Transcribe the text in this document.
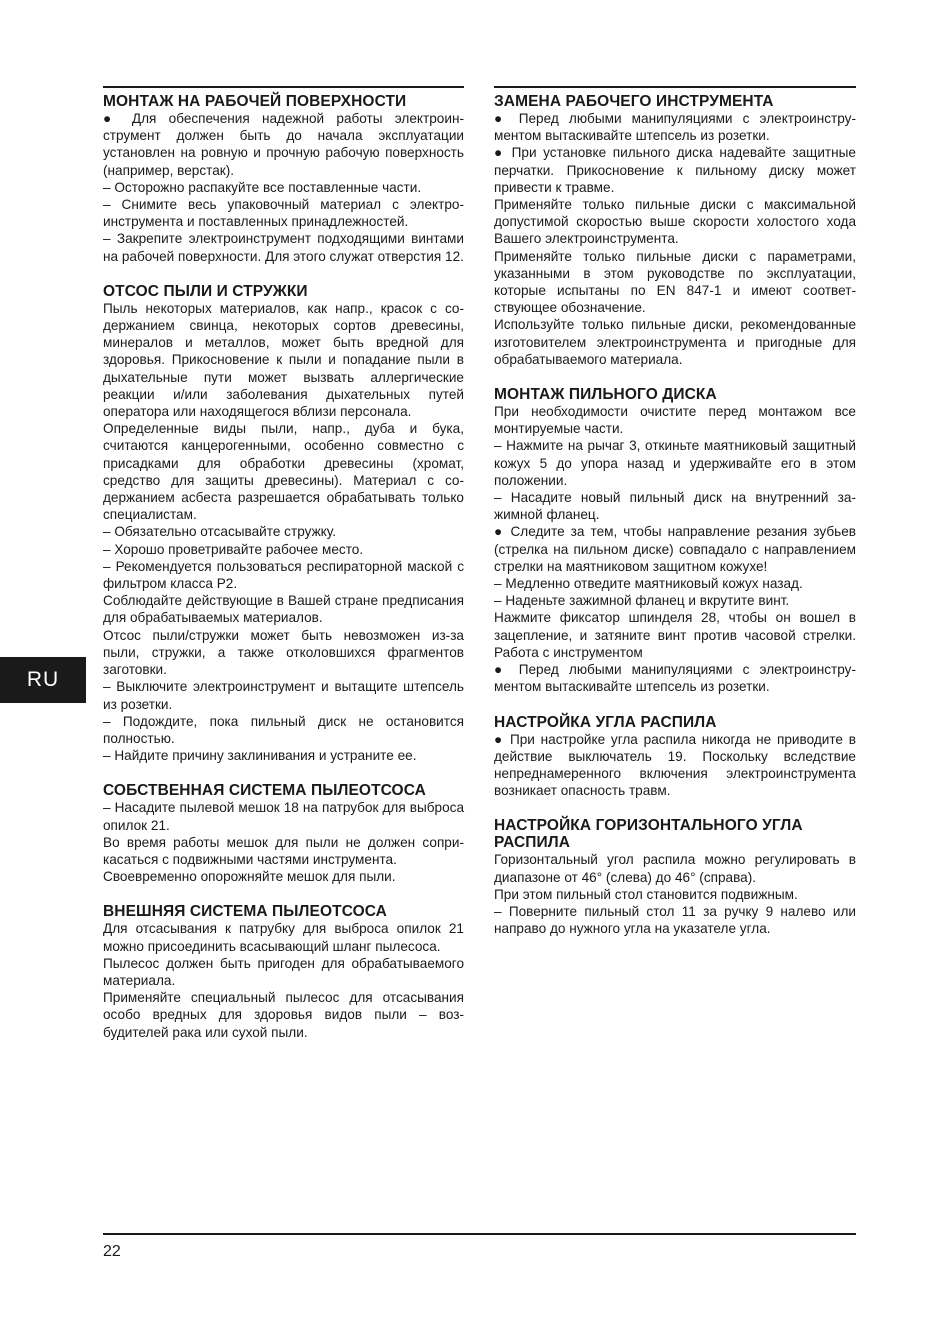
МОНТАЖ НА РАБОЧЕЙ ПОВЕРХНОСТИ

● Для обеспечения надежной работы электроинструмент должен быть до начала эксплуатации установлен на ровную и прочную рабочую поверхность (например, верстак).

– Осторожно распакуйте все поставленные части.

– Снимите весь упаковочный материал с электроинструмента и поставленных принадлежностей.

– Закрепите электроинструмент подходящими винтами на рабочей поверхности. Для этого служат отверстия 12.

ОТСОС ПЫЛИ И СТРУЖКИ

Пыль некоторых материалов, как напр., красок с содержанием свинца, некоторых сортов древесины, минералов и металлов, может быть вредной для здоровья. Прикосновение к пыли и попадание пыли в дыхательные пути может вызвать аллергические реакции и/или заболевания дыхательных путей оператора или находящегося вблизи персонала.

Определенные виды пыли, напр., дуба и бука, считаются канцерогенными, особенно совместно с присадками для обработки древесины (хромат, средство для защиты древесины). Материал с содержанием асбеста разрешается обрабатывать только специалистам.

– Обязательно отсасывайте стружку.

– Хорошо проветривайте рабочее место.

– Рекомендуется пользоваться респираторной маской с фильтром класса Р2.

Соблюдайте действующие в Вашей стране предписания для обрабатываемых материалов.

Отсос пыли/стружки может быть невозможен из-за пыли, стружки, а также отколовшихся фрагментов заготовки.

– Выключите электроинструмент и вытащите штепсель из розетки.

– Подождите, пока пильный диск не остановится полностью.

– Найдите причину заклинивания и устраните ее.

СОБСТВЕННАЯ СИСТЕМА ПЫЛЕОТСОСА

– Насадите пылевой мешок 18 на патрубок для выброса опилок 21.

Во время работы мешок для пыли не должен соприкасаться с подвижными частями инструмента.

Своевременно опорожняйте мешок для пыли.

ВНЕШНЯЯ СИСТЕМА ПЫЛЕОТСОСА

Для отсасывания к патрубку для выброса опилок 21 можно присоединить всасывающий шланг пылесоса.

Пылесос должен быть пригоден для обрабатываемого материала.

Применяйте специальный пылесос для отсасывания особо вредных для здоровья видов пыли – возбудителей рака или сухой пыли.

ЗАМЕНА РАБОЧЕГО ИНСТРУМЕНТА

● Перед любыми манипуляциями с электроинструментом вытаскивайте штепсель из розетки.

● При установке пильного диска надевайте защитные перчатки. Прикосновение к пильному диску может привести к травме.

Применяйте только пильные диски с максимальной допустимой скоростью выше скорости холостого хода Вашего электроинструмента.

Применяйте только пильные диски с параметрами, указанными в этом руководстве по эксплуатации, которые испытаны по EN 847-1 и имеют соответствующее обозначение.

Используйте только пильные диски, рекомендованные изготовителем электроинструмента и пригодные для обрабатываемого материала.

МОНТАЖ ПИЛЬНОГО ДИСКА

При необходимости очистите перед монтажом все монтируемые части.

– Нажмите на рычаг 3, откиньте маятниковый защитный кожух 5 до упора назад и удерживайте его в этом положении.

– Насадите новый пильный диск на внутренний зажимной фланец.

● Следите за тем, чтобы направление резания зубьев (стрелка на пильном диске) совпадало с направлением стрелки на маятниковом защитном кожухе!

– Медленно отведите маятниковый кожух назад.

– Наденьте зажимной фланец и вкрутите винт.

Нажмите фиксатор шпинделя 28, чтобы он вошел в зацепление, и затяните винт против часовой стрелки. Работа с инструментом

● Перед любыми манипуляциями с электроинструментом вытаскивайте штепсель из розетки.

НАСТРОЙКА УГЛА РАСПИЛА

● При настройке угла распила никогда не приводите в действие выключатель 19. Поскольку вследствие непреднамеренного включения электроинструмента возникает опасность травм.

НАСТРОЙКА ГОРИЗОНТАЛЬНОГО УГЛА РАСПИЛА

Горизонтальный угол распила можно регулировать в диапазоне от 46° (слева) до 46° (справа).

При этом пильный стол становится подвижным.

– Поверните пильный стол 11 за ручку 9 налево или направо до нужного угла на указателе угла.

RU
22
